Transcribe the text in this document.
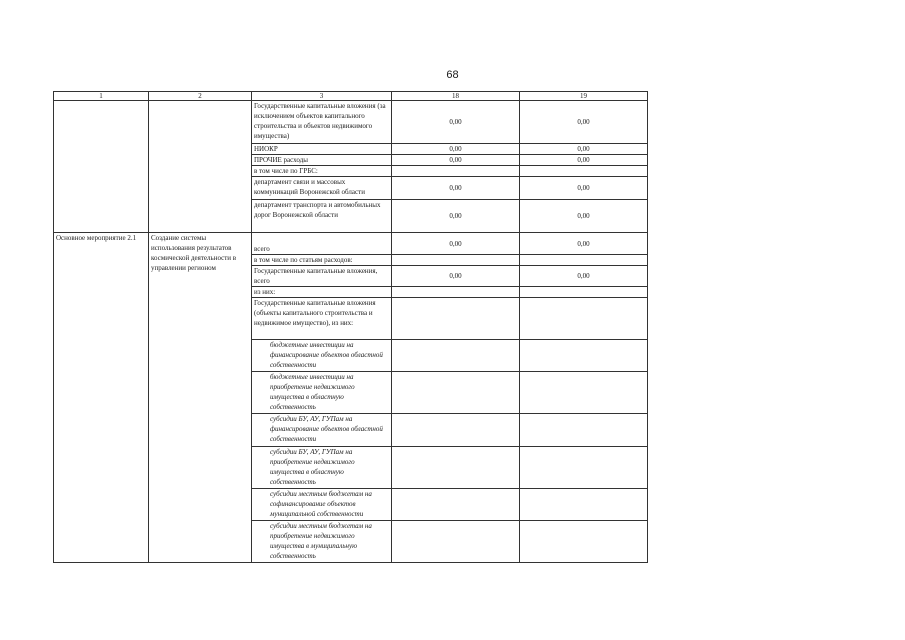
68
1	2	3	18	19
		Государственные капитальные вложения (за исключением объектов капитального строительства и объектов недвижимого имущества)	0,00	0,00
		НИОКР	0,00	0,00
		ПРОЧИЕ расходы	0,00	0,00
		в том числе по ГРБС:		
		департамент связи и массовых коммуникаций Воронежской области	0,00	0,00
		департамент транспорта и автомобильных дорог Воронежской области	0,00	0,00
Основное мероприятие 2.1	Создание системы использования результатов космической деятельности в управлении регионом	всего	0,00	0,00
		в том числе по статьям расходов:		
		Государственные капитальные вложения, всего	0,00	0,00
		из них:		
		Государственные капитальные вложения (объекты капитального строительства и недвижимое имущество), из них:		
		бюджетные инвестиции на финансирование объектов областной собственности		
		бюджетные инвестиции на приобретение недвижимого имущества в областную собственность		
		субсидии БУ, АУ, ГУПам на финансирование объектов областной собственности		
		субсидии БУ, АУ, ГУПам на приобретение недвижимого имущества в областную собственность		
		субсидии местным бюджетам на софинансирование объектов муниципальной собственности		
		субсидии местным бюджетам на приобретение недвижимого имущества в муниципальную собственность		
